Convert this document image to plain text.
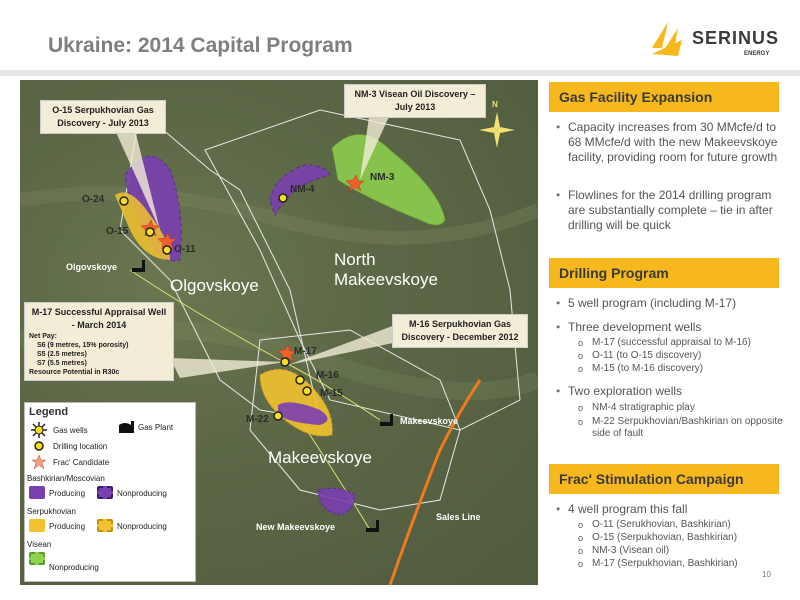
Ukraine: 2014 Capital Program	SERINUS
ENERGY
N
O-15 Serpukhovian Gas Discovery - July 2013
NM-3 Visean Oil Discovery – July 2013
M-17 Successful Appraisal Well - March 2014
Net Pay:
S6 (9 metres, 15% porosity)
S5 (2.5 metres)
S7 (5.5 metres)
Resource Potential in R30c
M-16 Serpukhovian Gas Discovery - December 2012
O-24
O-15
O-11
NM-4
NM-3
M-17
M-16
M-15
M-22
North Makeevskoye
Olgovskoye
Makeevskoye
Olgovskoye
Makeevskoye
New Makeevskoye
Sales Line
Legend
Gas wells	Gas Plant
Drilling location
Frac' Candidate
Bashkirian/Moscovian
Producing	Nonproducing
Serpukhovian
Producing	Nonproducing
Visean
Nonproducing
Gas Facility Expansion
• Capacity increases from 30 MMcfe/d to 68 MMcfe/d with the new Makeevskoye facility, providing room for future growth
• Flowlines for the 2014 drilling program are substantially complete – tie in after drilling will be quick
Drilling Program
• 5 well program (including M-17)
• Three development wells
o M-17 (successful appraisal to M-16)
o O-11 (to O-15 discovery)
o M-15 (to M-16 discovery)
• Two exploration wells
o NM-4 stratigraphic play
o M-22 Serpukhovian/Bashkirian on opposite side of fault
Frac' Stimulation Campaign
• 4 well program this fall
o O-11 (Serukhovian, Bashkirian)
o O-15 (Serpukhovian, Bashkirian)
o NM-3 (Visean oil)
o M-17 (Serpukhovian, Bashkirian)
10
